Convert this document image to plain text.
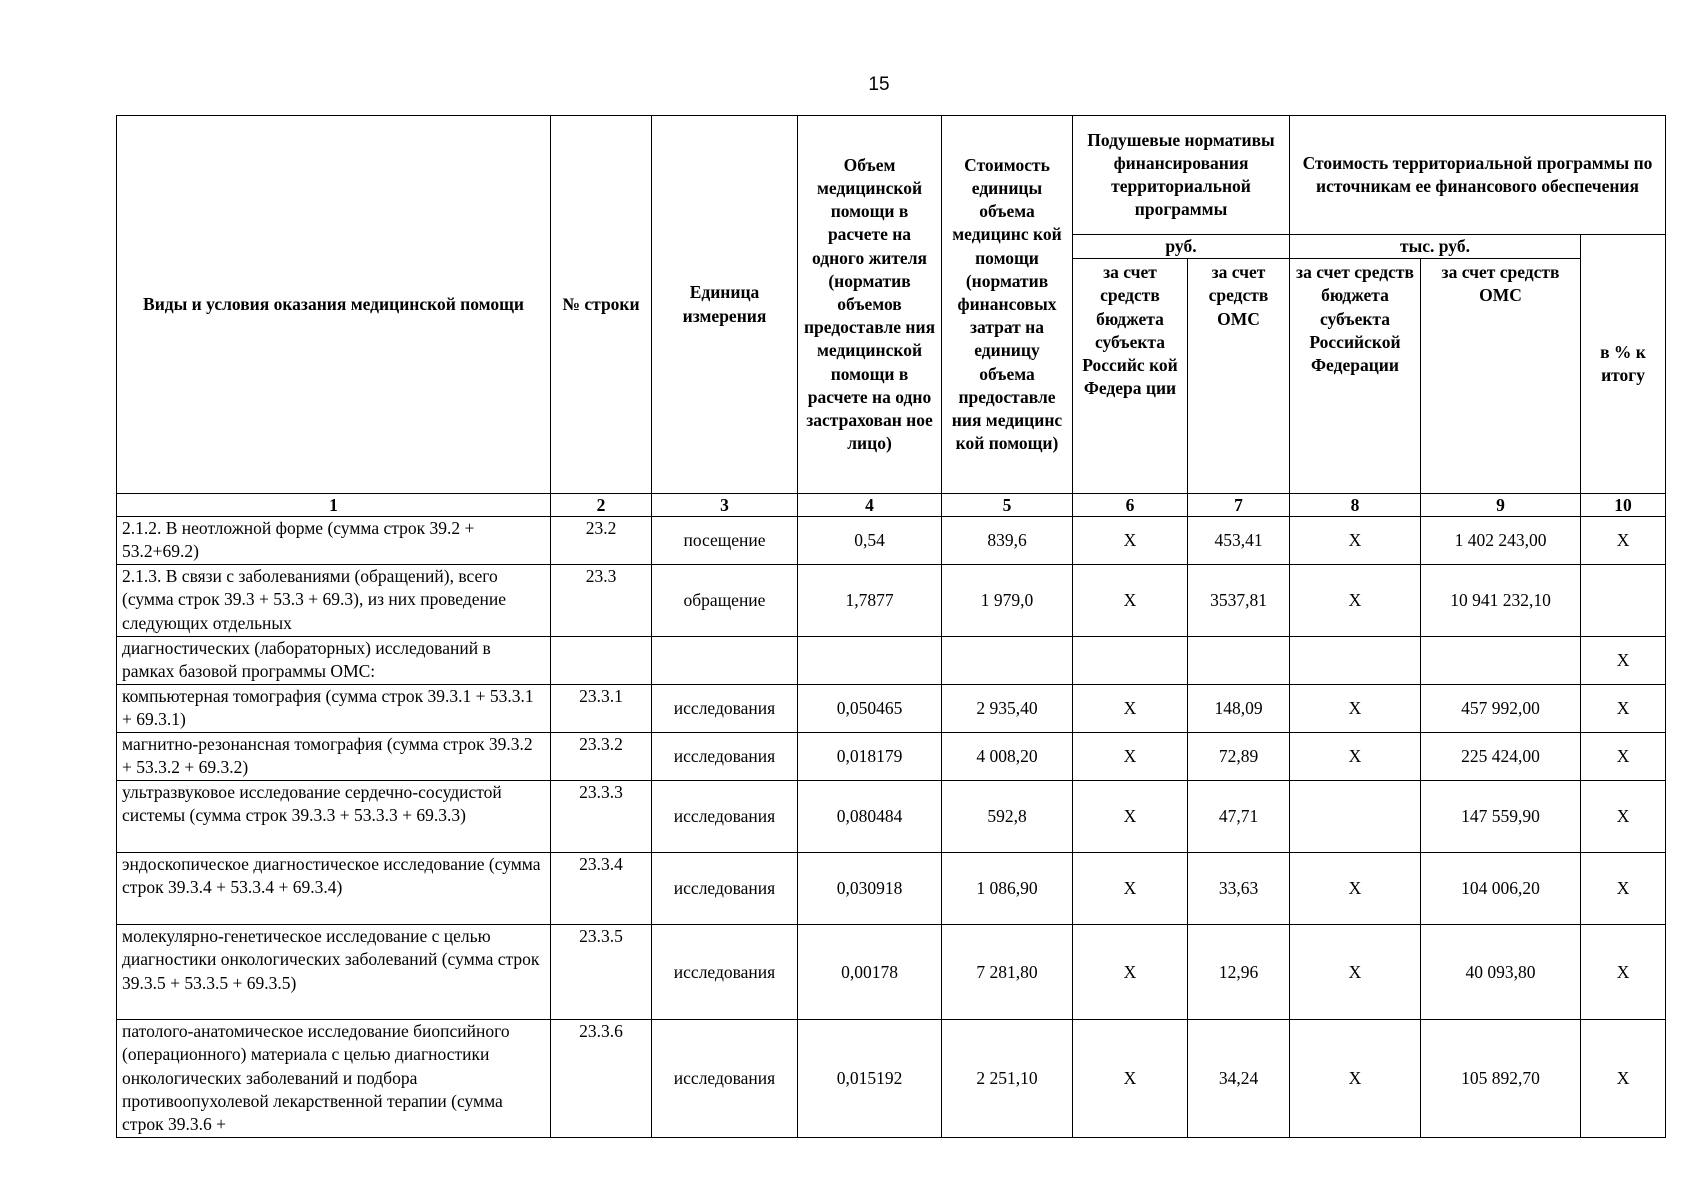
15
Виды и условия оказания медицинской помощи	№ строки	Единица измерения	Объем медицинской помощи в расчете на одного жителя (норматив объемов предоставле ния медицинской помощи в расчете на одно застрахован ное лицо)	Стоимость единицы объема медицинс кой помощи (норматив финансовых затрат на единицу объема предоставле ния медицинс кой помощи)	Подушевые нормативы финансирования территориальной программы		Стоимость территориальной программы по источникам ее финансового обеспечения		
					руб.		тыс. руб.		в % к итогу
					за счет средств бюджета субъекта Российс кой Федера ции	за счет средств ОМС	за счет средств бюджета субъекта Российской Федерации	за счет средств ОМС	
1	2	3	4	5	6	7	8	9	10
2.1.2. В неотложной форме (сумма строк 39.2 + 53.2+69.2)	23.2	посещение	0,54	839,6	Х	453,41	Х	1 402 243,00	Х
2.1.3. В связи с заболеваниями (обращений), всего (сумма строк 39.3 + 53.3 + 69.3), из них проведение следующих отдельных	23.3	обращение	1,7877	1 979,0	Х	3537,81	Х	10 941 232,10	
диагностических (лабораторных) исследований в рамках базовой программы ОМС:									Х
компьютерная томография (сумма строк 39.3.1 + 53.3.1 + 69.3.1)	23.3.1	исследования	0,050465	2 935,40	Х	148,09	Х	457 992,00	Х
магнитно-резонансная томография (сумма строк 39.3.2 + 53.3.2 + 69.3.2)	23.3.2	исследования	0,018179	4 008,20	Х	72,89	Х	225 424,00	Х
ультразвуковое исследование сердечно-сосудистой системы (сумма строк 39.3.3 + 53.3.3 + 69.3.3)	23.3.3	исследования	0,080484	592,8	Х	47,71		147 559,90	Х
эндоскопическое диагностическое исследование (сумма строк 39.3.4 + 53.3.4 + 69.3.4)	23.3.4	исследования	0,030918	1 086,90	Х	33,63	Х	104 006,20	Х
молекулярно-генетическое исследование с целью диагностики онкологических заболеваний (сумма строк 39.3.5 + 53.3.5 + 69.3.5)	23.3.5	исследования	0,00178	7 281,80	Х	12,96	Х	40 093,80	Х
патолого-анатомическое исследование биопсийного (операционного) материала с целью диагностики онкологических заболеваний и подбора противоопухолевой лекарственной терапии (сумма строк 39.3.6 +	23.3.6	исследования	0,015192	2 251,10	Х	34,24	Х	105 892,70	Х
